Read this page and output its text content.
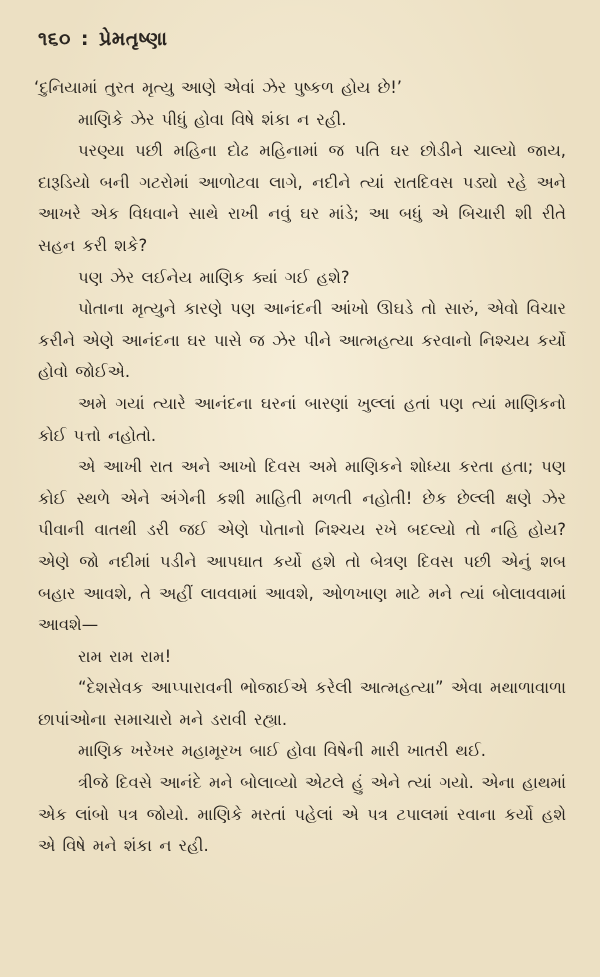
૧૬૦ : પ્રેમતૃષ્ણા

‘દુનિયામાં તુરત મૃત્યુ આણે એવાં ઝેર પુષ્કળ હોય છે!’

માણિકે ઝેર પીધું હોવા વિષે શંકા ન રહી.

પરણ્યા પછી મહિના દોઢ મહિનામાં જ પતિ ઘર છોડીને ચાલ્યો જાય, દારૂડિયો બની ગટરોમાં આળોટવા લાગે, નદીને ત્યાં રાતદિવસ પડ્યો રહે અને આખરે એક વિધવાને સાથે રાખી નવું ઘર માંડે; આ બધું એ બિચારી શી રીતે સહન કરી શકે?

પણ ઝેર લઈનેય માણિક ક્યાં ગઈ હશે?

પોતાના મૃત્યુને કારણે પણ આનંદની આંખો ઊઘડે તો સારું, એવો વિચાર કરીને એણે આનંદના ઘર પાસે જ ઝેર પીને આત્મહત્યા કરવાનો નિશ્ચય કર્યો હોવો જોઈએ.

અમે ગયાં ત્યારે આનંદના ઘરનાં બારણાં ખુલ્લાં હતાં પણ ત્યાં માણિકનો કોઈ પત્તો નહોતો.

એ આખી રાત અને આખો દિવસ અમે માણિકને શોધ્યા કરતા હતા; પણ કોઈ સ્થળે એને અંગેની કશી માહિતી મળતી નહોતી! છેક છેલ્લી ક્ષણે ઝેર પીવાની વાતથી ડરી જઈ એણે પોતાનો નિશ્ચય રખે બદલ્યો તો નહિ હોય? એણે જો નદીમાં પડીને આપઘાત કર્યો હશે તો બેત્રણ દિવસ પછી એનું શબ બહાર આવશે, તે અહીં લાવવામાં આવશે, ઓળખાણ માટે મને ત્યાં બોલાવવામાં આવશે—

રામ રામ રામ!

“દેશસેવક આપ્પારાવની ભોજાઈએ કરેલી આત્મહત્યા” એવા મથાળાવાળા છાપાંઓના સમાચારો મને ડરાવી રહ્યા.

માણિક ખરેખર મહામૂરખ બાઈ હોવા વિષેની મારી ખાતરી થઈ.

ત્રીજે દિવસે આનંદે મને બોલાવ્યો એટલે હું એને ત્યાં ગયો. એના હાથમાં એક લાંબો પત્ર જોયો. માણિકે મરતાં પહેલાં એ પત્ર ટપાલમાં રવાના કર્યો હશે એ વિષે મને શંકા ન રહી.
